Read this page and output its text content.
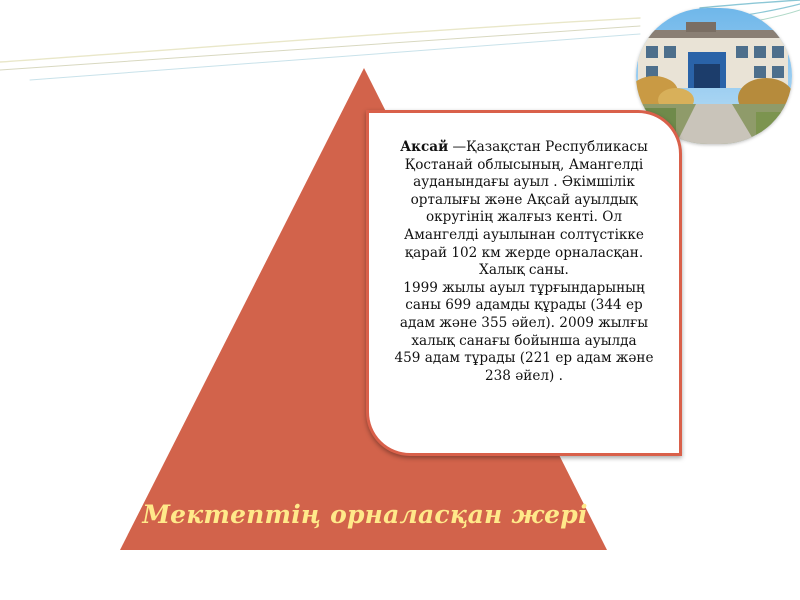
Аксай —Қазақстан Республикасы
Қостанай облысының, Амангелді
ауданындағы ауыл . Әкімшілік
орталығы және Ақсай ауылдық
округінің жалғыз кенті. Ол
Амангелді ауылынан солтүстікке
қарай 102 км жерде орналасқан.
Халық саны.
1999 жылы ауыл тұрғындарының
саны 699 адамды құрады (344 ер
адам және 355 әйел). 2009 жылғы
халық санағы бойынша ауылда
459 адам тұрады (221 ер адам және
238 әйел) .

Мектептің орналасқан жері
